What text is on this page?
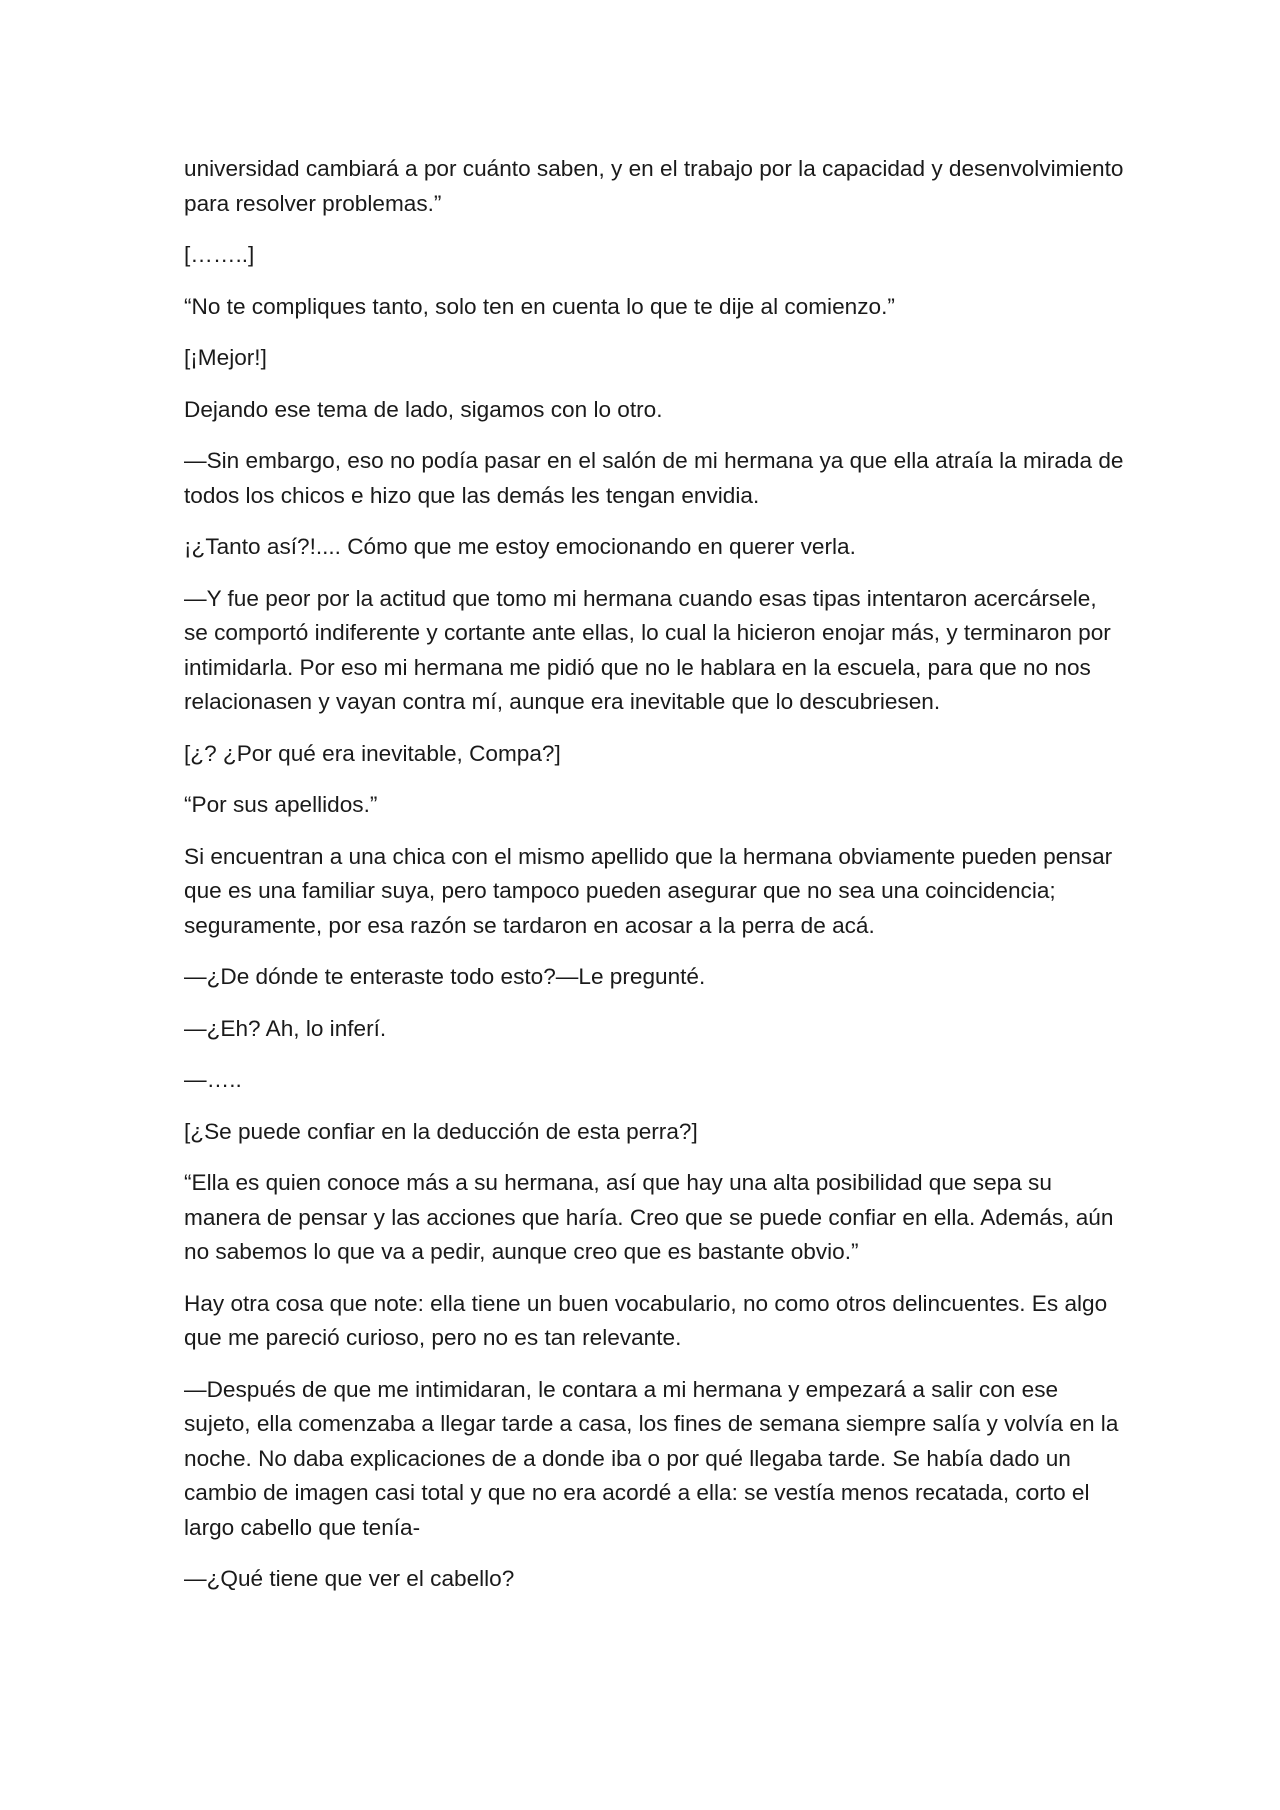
universidad cambiará a por cuánto saben, y en el trabajo por la capacidad y desenvolvimiento para resolver problemas.”

[……..]

“No te compliques tanto, solo ten en cuenta lo que te dije al comienzo.”

[¡Mejor!]

Dejando ese tema de lado, sigamos con lo otro.

—Sin embargo, eso no podía pasar en el salón de mi hermana ya que ella atraía la mirada de todos los chicos e hizo que las demás les tengan envidia.

¡¿Tanto así?!.... Cómo que me estoy emocionando en querer verla.

—Y fue peor por la actitud que tomo mi hermana cuando esas tipas intentaron acercársele, se comportó indiferente y cortante ante ellas, lo cual la hicieron enojar más, y terminaron por intimidarla. Por eso mi hermana me pidió que no le hablara en la escuela, para que no nos relacionasen y vayan contra mí, aunque era inevitable que lo descubriesen.

[¿? ¿Por qué era inevitable, Compa?]

“Por sus apellidos.”

Si encuentran a una chica con el mismo apellido que la hermana obviamente pueden pensar que es una familiar suya, pero tampoco pueden asegurar que no sea una coincidencia; seguramente, por esa razón se tardaron en acosar a la perra de acá.

—¿De dónde te enteraste todo esto?—Le pregunté.

—¿Eh? Ah, lo inferí.

—…..

[¿Se puede confiar en la deducción de esta perra?]

“Ella es quien conoce más a su hermana, así que hay una alta posibilidad que sepa su manera de pensar y las acciones que haría. Creo que se puede confiar en ella. Además, aún no sabemos lo que va a pedir, aunque creo que es bastante obvio.”

Hay otra cosa que note: ella tiene un buen vocabulario, no como otros delincuentes. Es algo que me pareció curioso, pero no es tan relevante.

—Después de que me intimidaran, le contara a mi hermana y empezará a salir con ese sujeto, ella comenzaba a llegar tarde a casa, los fines de semana siempre salía y volvía en la noche. No daba explicaciones de a donde iba o por qué llegaba tarde. Se había dado un cambio de imagen casi total y que no era acordé a ella: se vestía menos recatada, corto el largo cabello que tenía-

—¿Qué tiene que ver el cabello?
